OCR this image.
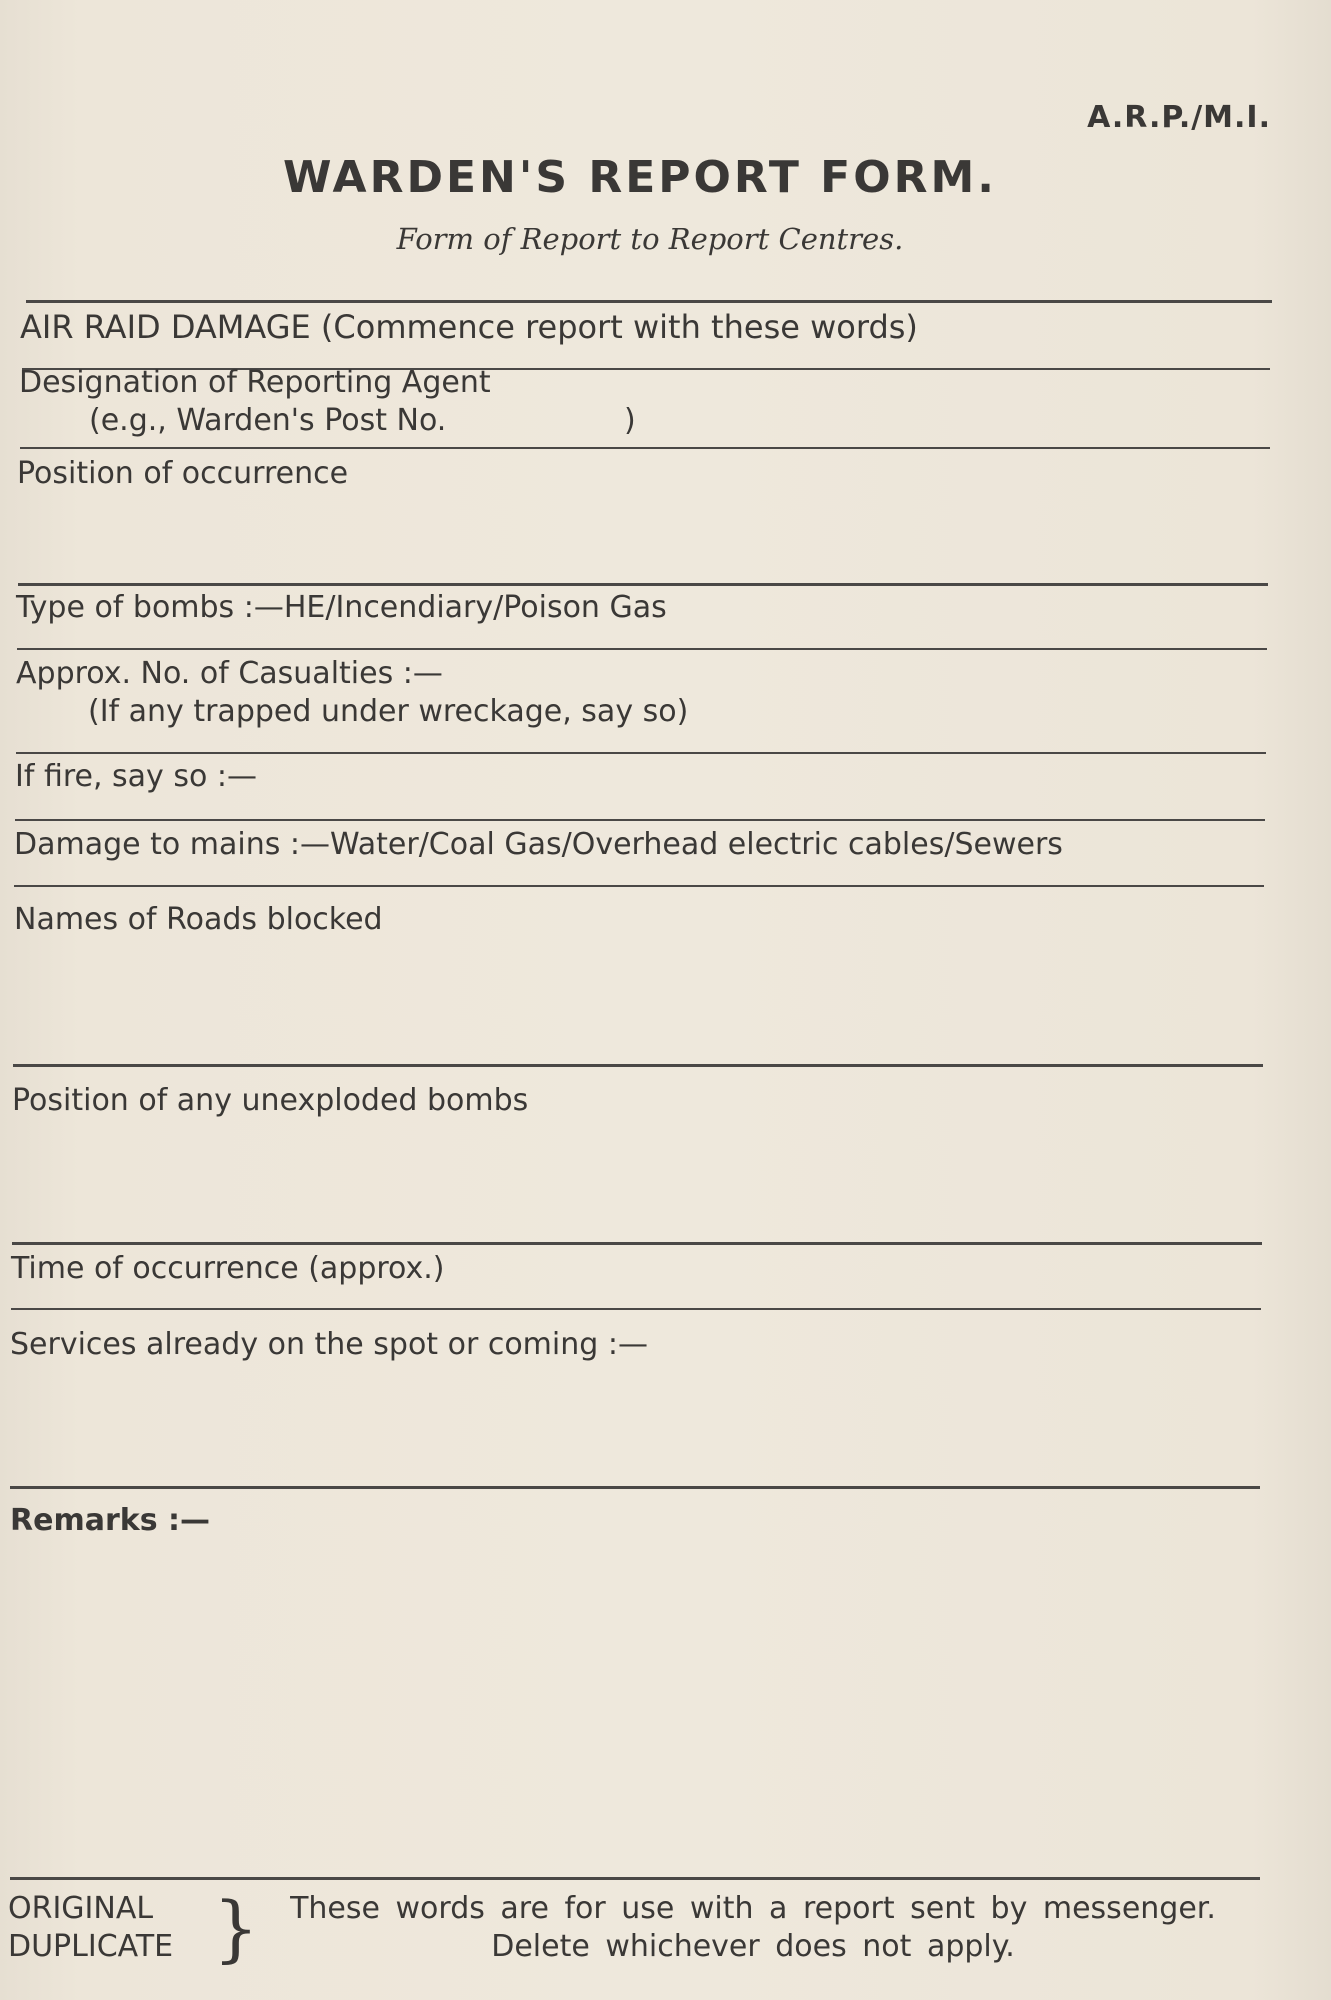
A.R.P./M.I.
WARDEN'S REPORT FORM.
Form of Report to Report Centres.
AIR RAID DAMAGE (Commence report with these words)
Designation of Reporting Agent
(e.g., Warden's Post No.	)
Position of occurrence
Type of bombs :—HE/Incendiary/Poison Gas
Approx. No. of Casualties :—
(If any trapped under wreckage, say so)
If fire, say so :—
Damage to mains :—Water/Coal Gas/Overhead electric cables/Sewers
Names of Roads blocked
Position of any unexploded bombs
Time of occurrence (approx.)
Services already on the spot or coming :—
Remarks :—
ORIGINAL
DUPLICATE }	These words are for use with a report sent by messenger.
Delete whichever does not apply.
